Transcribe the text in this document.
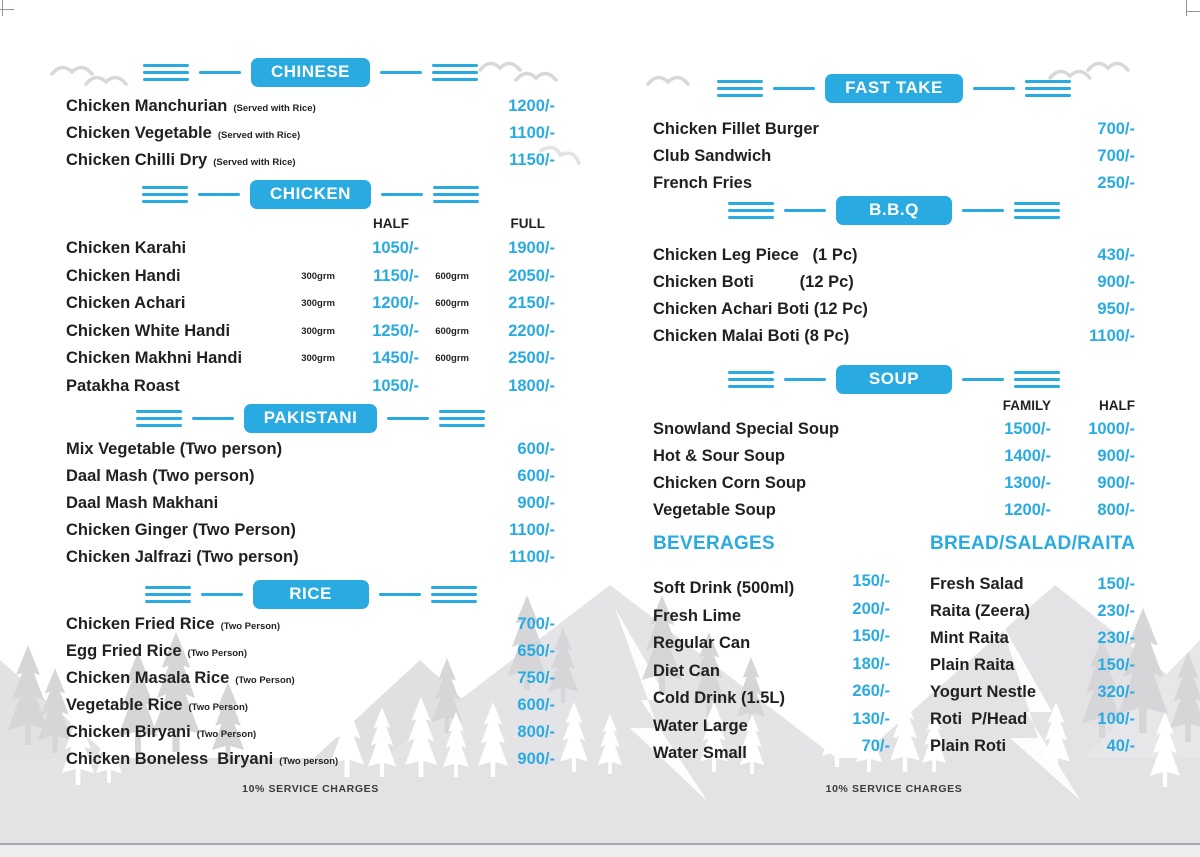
CHINESE
Chicken Manchurian (Served with Rice)	1200/-
Chicken Vegetable (Served with Rice)	1100/-
Chicken Chilli Dry (Served with Rice)	1150/-
CHICKEN
HALF	FULL
Chicken Karahi	1050/-	1900/-
Chicken Handi	300grm	1150/-	600grm	2050/-
Chicken Achari	300grm	1200/-	600grm	2150/-
Chicken White Handi	300grm	1250/-	600grm	2200/-
Chicken Makhni Handi	300grm	1450/-	600grm	2500/-
Patakha Roast	1050/-	1800/-
PAKISTANI
Mix Vegetable (Two person)	600/-
Daal Mash (Two person)	600/-
Daal Mash Makhani	900/-
Chicken Ginger (Two Person)	1100/-
Chicken Jalfrazi (Two person)	1100/-
RICE
Chicken Fried Rice (Two Person)	700/-
Egg Fried Rice (Two Person)	650/-
Chicken Masala Rice (Two Person)	750/-
Vegetable Rice (Two Person)	600/-
Chicken Biryani (Two Person)	800/-
Chicken Boneless  Biryani (Two person)	900/-
10% SERVICE CHARGES
FAST TAKE
Chicken Fillet Burger	700/-
Club Sandwich	700/-
French Fries	250/-
B.B.Q
Chicken Leg Piece   (1 Pc)	430/-
Chicken Boti          (12 Pc)	900/-
Chicken Achari Boti (12 Pc)	950/-
Chicken Malai Boti (8 Pc)	1100/-
SOUP
FAMILY	HALF
Snowland Special Soup	1500/-	1000/-
Hot & Sour Soup	1400/-	900/-
Chicken Corn Soup	1300/-	900/-
Vegetable Soup	1200/-	800/-
BEVERAGES
Soft Drink (500ml)	150/-
Fresh Lime	200/-
Regular Can	150/-
Diet Can	180/-
Cold Drink (1.5L)	260/-
Water Large	130/-
Water Small	70/-
BREAD/SALAD/RAITA
Fresh Salad	150/-
Raita (Zeera)	230/-
Mint Raita	230/-
Plain Raita	150/-
Yogurt Nestle	320/-
Roti  P/Head	100/-
Plain Roti	40/-
10% SERVICE CHARGES
